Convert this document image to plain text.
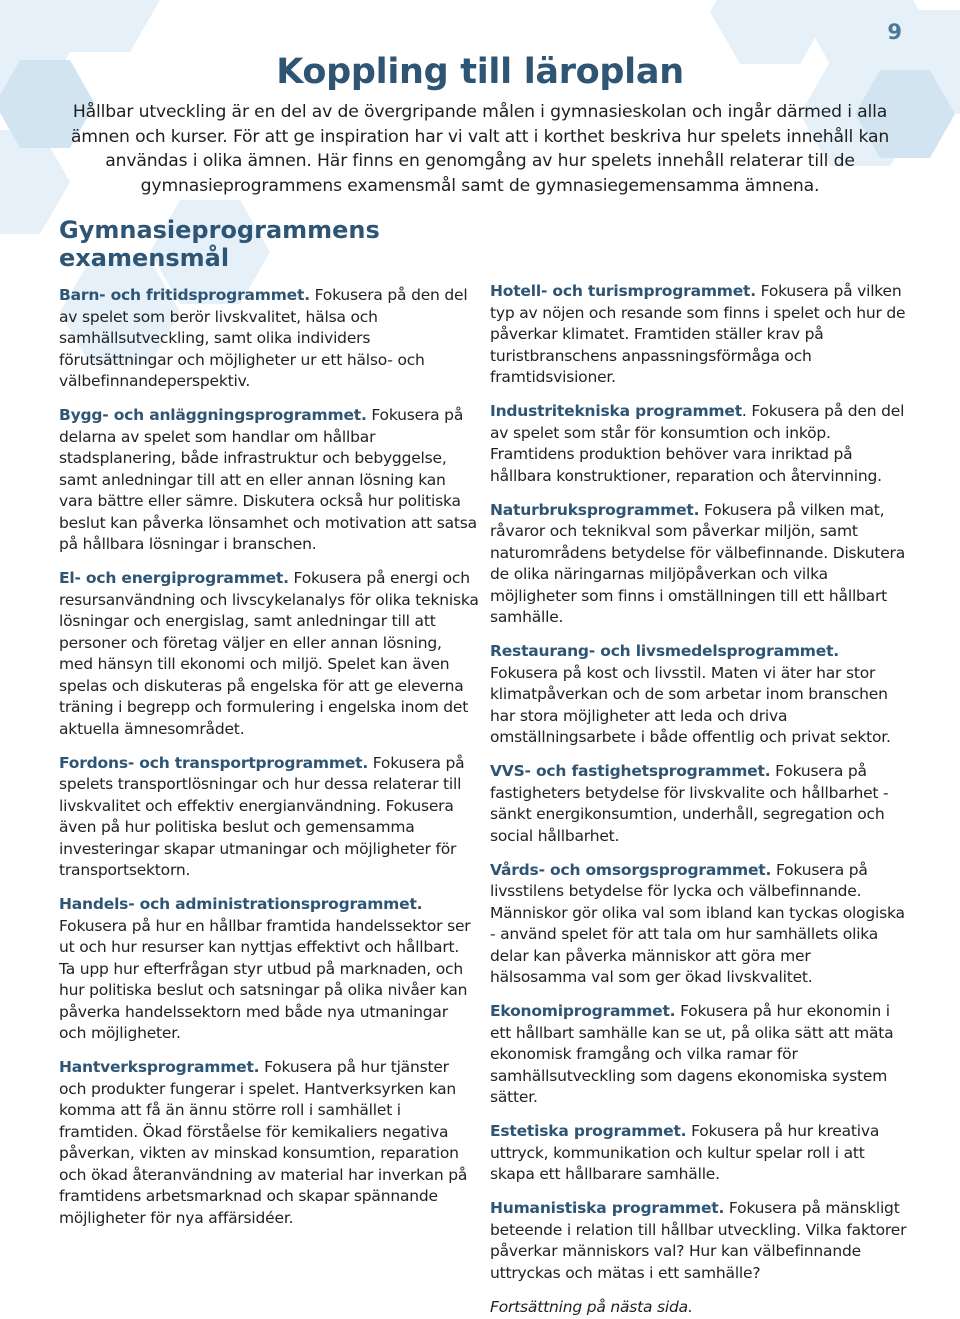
9
Koppling till läroplan

Hållbar utveckling är en del av de övergripande målen i gymnasieskolan och ingår därmed i alla ämnen och kurser. För att ge inspiration har vi valt att i korthet beskriva hur spelets innehåll kan användas i olika ämnen. Här finns en genomgång av hur spelets innehåll relaterar till de gymnasieprogrammens examensmål samt de gymnasiegemensamma ämnena.

Gymnasieprogrammens examensmål

Barn- och fritidsprogrammet. Fokusera på den del av spelet som berör livskvalitet, hälsa och samhällsutveckling, samt olika individers förutsättningar och möjligheter ur ett hälso- och välbefinnandeperspektiv.

Bygg- och anläggningsprogrammet. Fokusera på delarna av spelet som handlar om hållbar stadsplanering, både infrastruktur och bebyggelse, samt anledningar till att en eller annan lösning kan vara bättre eller sämre. Diskutera också hur politiska beslut kan påverka lönsamhet och motivation att satsa på hållbara lösningar i branschen.

El- och energiprogrammet. Fokusera på energi och resursanvändning och livscykelanalys för olika tekniska lösningar och energislag, samt anledningar till att personer och företag väljer en eller annan lösning, med hänsyn till ekonomi och miljö. Spelet kan även spelas och diskuteras på engelska för att ge eleverna träning i begrepp och formulering i engelska inom det aktuella ämnesområdet.

Fordons- och transportprogrammet. Fokusera på spelets transportlösningar och hur dessa relaterar till livskvalitet och effektiv energianvändning. Fokusera även på hur politiska beslut och gemensamma investeringar skapar utmaningar och möjligheter för transportsektorn.

Handels- och administrationsprogrammet. Fokusera på hur en hållbar framtida handelssektor ser ut och hur resurser kan nyttjas effektivt och hållbart. Ta upp hur efterfrågan styr utbud på marknaden, och hur politiska beslut och satsningar på olika nivåer kan påverka handelssektorn med både nya utmaningar och möjligheter.

Hantverksprogrammet. Fokusera på hur tjänster och produkter fungerar i spelet. Hantverksyrken kan komma att få än ännu större roll i samhället i framtiden. Ökad förståelse för kemikaliers negativa påverkan, vikten av minskad konsumtion, reparation och ökad återanvändning av material har inverkan på framtidens arbetsmarknad och skapar spännande möjligheter för nya affärsidéer.

Hotell- och turismprogrammet. Fokusera på vilken typ av nöjen och resande som finns i spelet och hur de påverkar klimatet. Framtiden ställer krav på turistbranschens anpassningsförmåga och framtidsvisioner.

Industritekniska programmet. Fokusera på den del av spelet som står för konsumtion och inköp. Framtidens produktion behöver vara inriktad på hållbara konstruktioner, reparation och återvinning.

Naturbruksprogrammet. Fokusera på vilken mat, råvaror och teknikval som påverkar miljön, samt naturområdens betydelse för välbefinnande. Diskutera de olika näringarnas miljöpåverkan och vilka möjligheter som finns i omställningen till ett hållbart samhälle.

Restaurang- och livsmedelsprogrammet. Fokusera på kost och livsstil. Maten vi äter har stor klimatpåverkan och de som arbetar inom branschen har stora möjligheter att leda och driva omställningsarbete i både offentlig och privat sektor.

VVS- och fastighetsprogrammet. Fokusera på fastigheters betydelse för livskvalite och hållbarhet - sänkt energikonsumtion, underhåll, segregation och social hållbarhet.

Vårds- och omsorgsprogrammet. Fokusera på livsstilens betydelse för lycka och välbefinnande. Människor gör olika val som ibland kan tyckas ologiska - använd spelet för att tala om hur samhällets olika delar kan påverka människor att göra mer hälsosamma val som ger ökad livskvalitet.

Ekonomiprogrammet. Fokusera på hur ekonomin i ett hållbart samhälle kan se ut, på olika sätt att mäta ekonomisk framgång och vilka ramar för samhällsutveckling som dagens ekonomiska system sätter.

Estetiska programmet. Fokusera på hur kreativa uttryck, kommunikation och kultur spelar roll i att skapa ett hållbarare samhälle.

Humanistiska programmet. Fokusera på mänskligt beteende i relation till hållbar utveckling. Vilka faktorer påverkar människors val? Hur kan välbefinnande uttryckas och mätas i ett samhälle?

Fortsättning på nästa sida.
